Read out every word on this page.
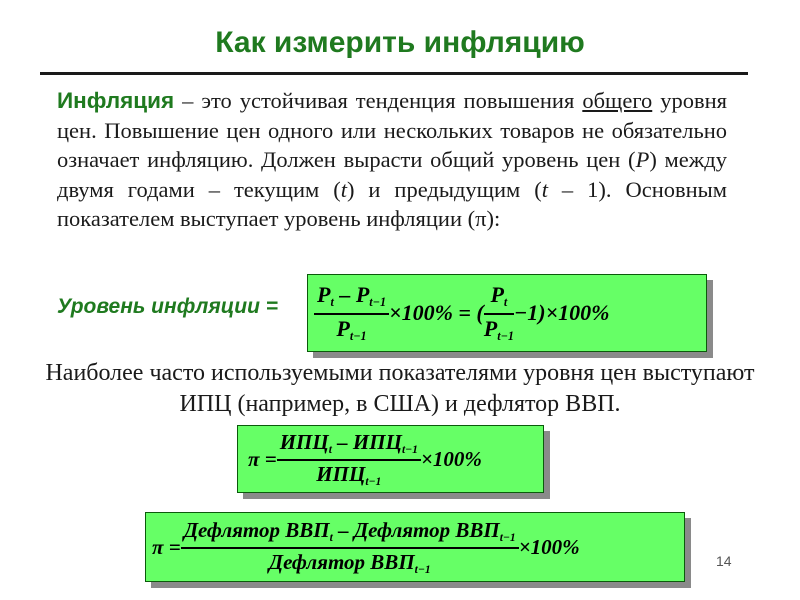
Как измерить инфляцию
Инфляция – это устойчивая тенденция повышения общего уровня цен. Повышение цен одного или нескольких товаров не обязательно означает инфляцию. Должен вырасти общий уровень цен (P) между двумя годами – текущим (t) и предыдущим (t – 1). Основным показателем выступает уровень инфляции (π):
Уровень инфляции = $\frac{P_t - P_{t-1}}{P_{t-1}} \times 100\%$ = ( $\frac{P_t}{P_{t-1}} -1)\times 100\%$
Наиболее часто используемыми показателями уровня цен выступают ИПЦ (например, в США) и дефлятор ВВП.
$\pi = \frac{ИПЦ_t - ИПЦ_{t-1}}{ИПЦ_{t-1}} \times 100\%$
$\pi = \frac{Дефлятор ВВП_t - Дефлятор ВВП_{t-1}}{Дефлятор ВВП_{t-1}} \times 100\%$
14
